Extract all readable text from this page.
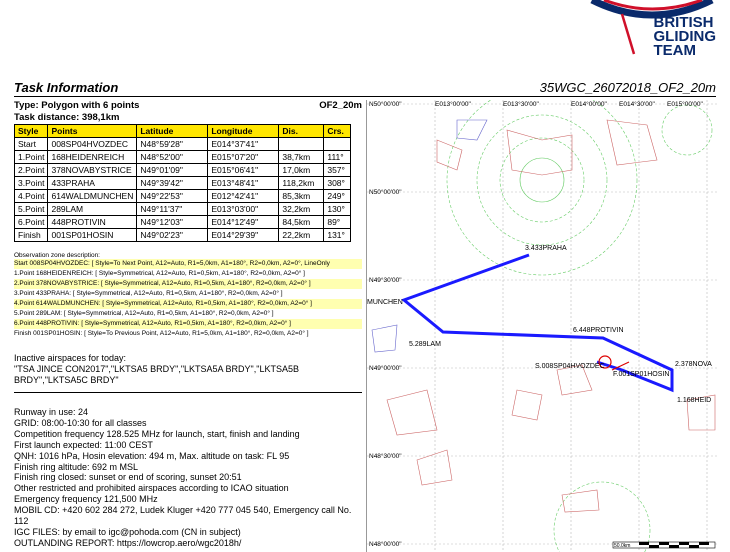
BRITISH
GLIDING
TEAM
Task Information	35WGC_26072018_OF2_20m
Type: Polygon with 6 points	OF2_20m
Task distance: 398,1km
Style	Points	Latitude	Longitude	Dis.	Crs.
Start	008SP04HVOZDEC	N48°59'28"	E014°37'41"		
1.Point	168HEIDENREICH	N48°52'00"	E015°07'20"	38,7km	111°
2.Point	378NOVABYSTRICE	N49°01'09"	E015°06'41"	17,0km	357°
3.Point	433PRAHA	N49°39'42"	E013°48'41"	118,2km	308°
4.Point	614WALDMUNCHEN	N49°22'53"	E012°42'41"	85,3km	249°
5.Point	289LAM	N49°11'37"	E013°03'00"	32,2km	130°
6.Point	448PROTIVIN	N49°12'03"	E014°12'49"	84,5km	89°
Finish	001SP01HOSIN	N49°02'23"	E014°29'39"	22,2km	131°
Observation zone description:
Start 008SP04HVOZDEC: [ Style=To Next Point, A12=Auto, R1=5,0km, A1=180°, R2=0,0km, A2=0°, LineOnly
1.Point 168HEIDENREICH: [ Style=Symmetrical, A12=Auto, R1=0,5km, A1=180°, R2=0,0km, A2=0° ]
2.Point 378NOVABYSTRICE: [ Style=Symmetrical, A12=Auto, R1=0,5km, A1=180°, R2=0,0km, A2=0° ]
3.Point 433PRAHA: [ Style=Symmetrical, A12=Auto, R1=0,5km, A1=180°, R2=0,0km, A2=0° ]
4.Point 614WALDMUNCHEN: [ Style=Symmetrical, A12=Auto, R1=0,5km, A1=180°, R2=0,0km, A2=0° ]
5.Point 289LAM: [ Style=Symmetrical, A12=Auto, R1=0,5km, A1=180°, R2=0,0km, A2=0° ]
6.Point 448PROTIVIN: [ Style=Symmetrical, A12=Auto, R1=0,5km, A1=180°, R2=0,0km, A2=0° ]
Finish 001SP01HOSIN: [ Style=To Previous Point, A12=Auto, R1=5,0km, A1=180°, R2=0,0km, A2=0° ]
Inactive airspaces for today:
"TSA JINCE CON2017","LKTSA5 BRDY","LKTSA5A BRDY","LKTSA5B BRDY","LKTSA5C BRDY"
Runway in use: 24
GRID: 08:00-10:30 for all classes
Competition frequency 128.525 MHz for launch, start, finish and landing
First launch expected: 11:00 CEST
QNH: 1016 hPa, Hosin elevation: 494 m, Max. altitude on task: FL 95
Finish ring altitude: 692 m MSL
Finish ring closed: sunset or end of scoring, sunset 20:51
Other restricted and prohibited airspaces according to ICAO situation
Emergency frequency 121,500 MHz
MOBIL CD: +420 602 284 272, Ludek Kluger +420 777 045 540, Emergency call No. 112
IGC FILES: by email to igc@pohoda.com (CN in subject)
OUTLANDING REPORT: https://lowcrop.aero/wgc2018h/
N50°00'00"	E013°00'00"	E013°30'00"	E014°00'00" E014°30'00" E015°00'00"
N50°00'00"
N49°30'00"
N49°00'00"
N48°30'00"
N48°00'00"
3.433PRAHA
MUNCHEN
5.289LAM
6.448PROTIVIN
2.378NOVA
1.168HEID
S.008SP04HVOZDEC
F.001SP01HOSIN
50.0km
